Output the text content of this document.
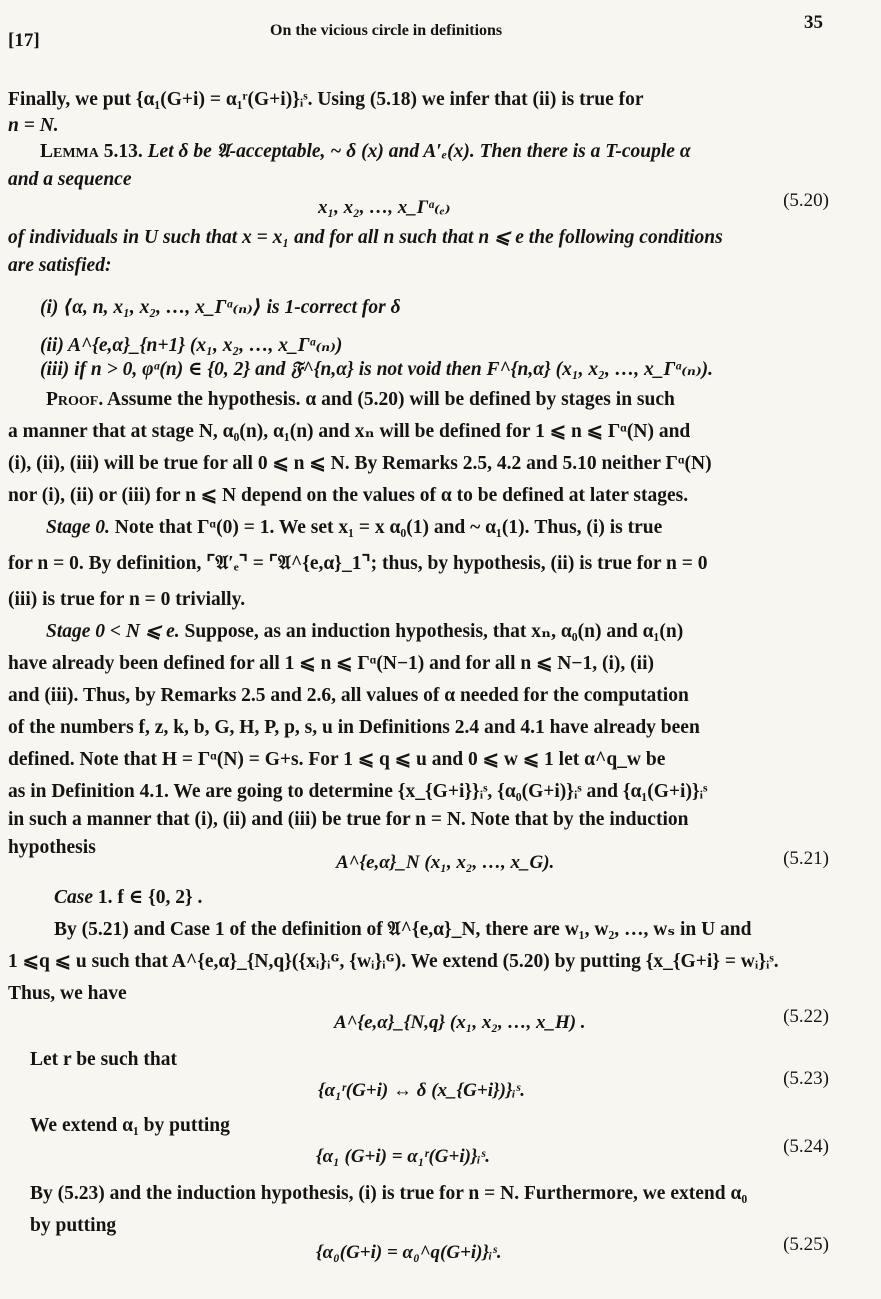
[17]	On the vicious circle in definitions	35
Finally, we put {α₁(G+i) = α₁ʳ(G+i)}ᵢˢ. Using (5.18) we infer that (ii) is true for
n = N.
Lemma 5.13. Let δ be 𝔄-acceptable, ~ δ (x) and A′ₑ(x). Then there is a T-couple α
and a sequence
x₁, x₂, …, x_Γᵅ₍ₑ₎	(5.20)
of individuals in U such that x = x₁ and for all n such that n ⩽ e the following conditions
are satisfied:
(i) ⟨α, n, x₁, x₂, …, x_Γᵅ₍ₙ₎⟩ is 1-correct for δ
(ii) A^{e,α}_{n+1} (x₁, x₂, …, x_Γᵅ₍ₙ₎)
(iii) if n > 0, φᵅ(n) ∈ {0, 2} and 𝔉^{n,α} is not void then F^{n,α} (x₁, x₂, …, x_Γᵅ₍ₙ₎).
Proof. Assume the hypothesis. α and (5.20) will be defined by stages in such
a manner that at stage N, α₀(n), α₁(n) and xₙ will be defined for 1 ⩽ n ⩽ Γᵅ(N) and
(i), (ii), (iii) will be true for all 0 ⩽ n ⩽ N. By Remarks 2.5, 4.2 and 5.10 neither Γᵅ(N)
nor (i), (ii) or (iii) for n ⩽ N depend on the values of α to be defined at later stages.
Stage 0. Note that Γᵅ(0) = 1. We set x₁ = x α₀(1) and ~ α₁(1). Thus, (i) is true
for n = 0. By definition, ⌜𝔄′ₑ⌝ = ⌜𝔄^{e,α}_1⌝; thus, by hypothesis, (ii) is true for n = 0
(iii) is true for n = 0 trivially.
Stage 0 < N ⩽ e. Suppose, as an induction hypothesis, that xₙ, α₀(n) and α₁(n)
have already been defined for all 1 ⩽ n ⩽ Γᵅ(N−1) and for all n ⩽ N−1, (i), (ii)
and (iii). Thus, by Remarks 2.5 and 2.6, all values of α needed for the computation
of the numbers f, z, k, b, G, H, P, p, s, u in Definitions 2.4 and 4.1 have already been
defined. Note that H = Γᵅ(N) = G+s. For 1 ⩽ q ⩽ u and 0 ⩽ w ⩽ 1 let α^q_w be
as in Definition 4.1. We are going to determine {x_{G+i}}ᵢˢ, {α₀(G+i)}ᵢˢ and {α₁(G+i)}ᵢˢ
in such a manner that (i), (ii) and (iii) be true for n = N. Note that by the induction
hypothesis
A^{e,α}_N (x₁, x₂, …, x_G).	(5.21)
Case 1. f ∈ {0, 2} .
By (5.21) and Case 1 of the definition of 𝔄^{e,α}_N, there are w₁, w₂, …, wₛ in U and
1 ⩽q ⩽ u such that A^{e,α}_{N,q}({xᵢ}ᵢᴳ, {wᵢ}ᵢᴳ). We extend (5.20) by putting {x_{G+i} = wᵢ}ᵢˢ.
Thus, we have
A^{e,α}_{N,q} (x₁, x₂, …, x_H) .	(5.22)
Let r be such that
{α₁ʳ(G+i) ↔ δ (x_{G+i})}ᵢˢ.
(5.23)
We extend α₁ by putting
{α₁ (G+i) = α₁ʳ(G+i)}ᵢˢ.	(5.24)
By (5.23) and the induction hypothesis, (i) is true for n = N. Furthermore, we extend α₀
by putting
{α₀(G+i) = α₀^q(G+i)}ᵢˢ.	(5.25)
